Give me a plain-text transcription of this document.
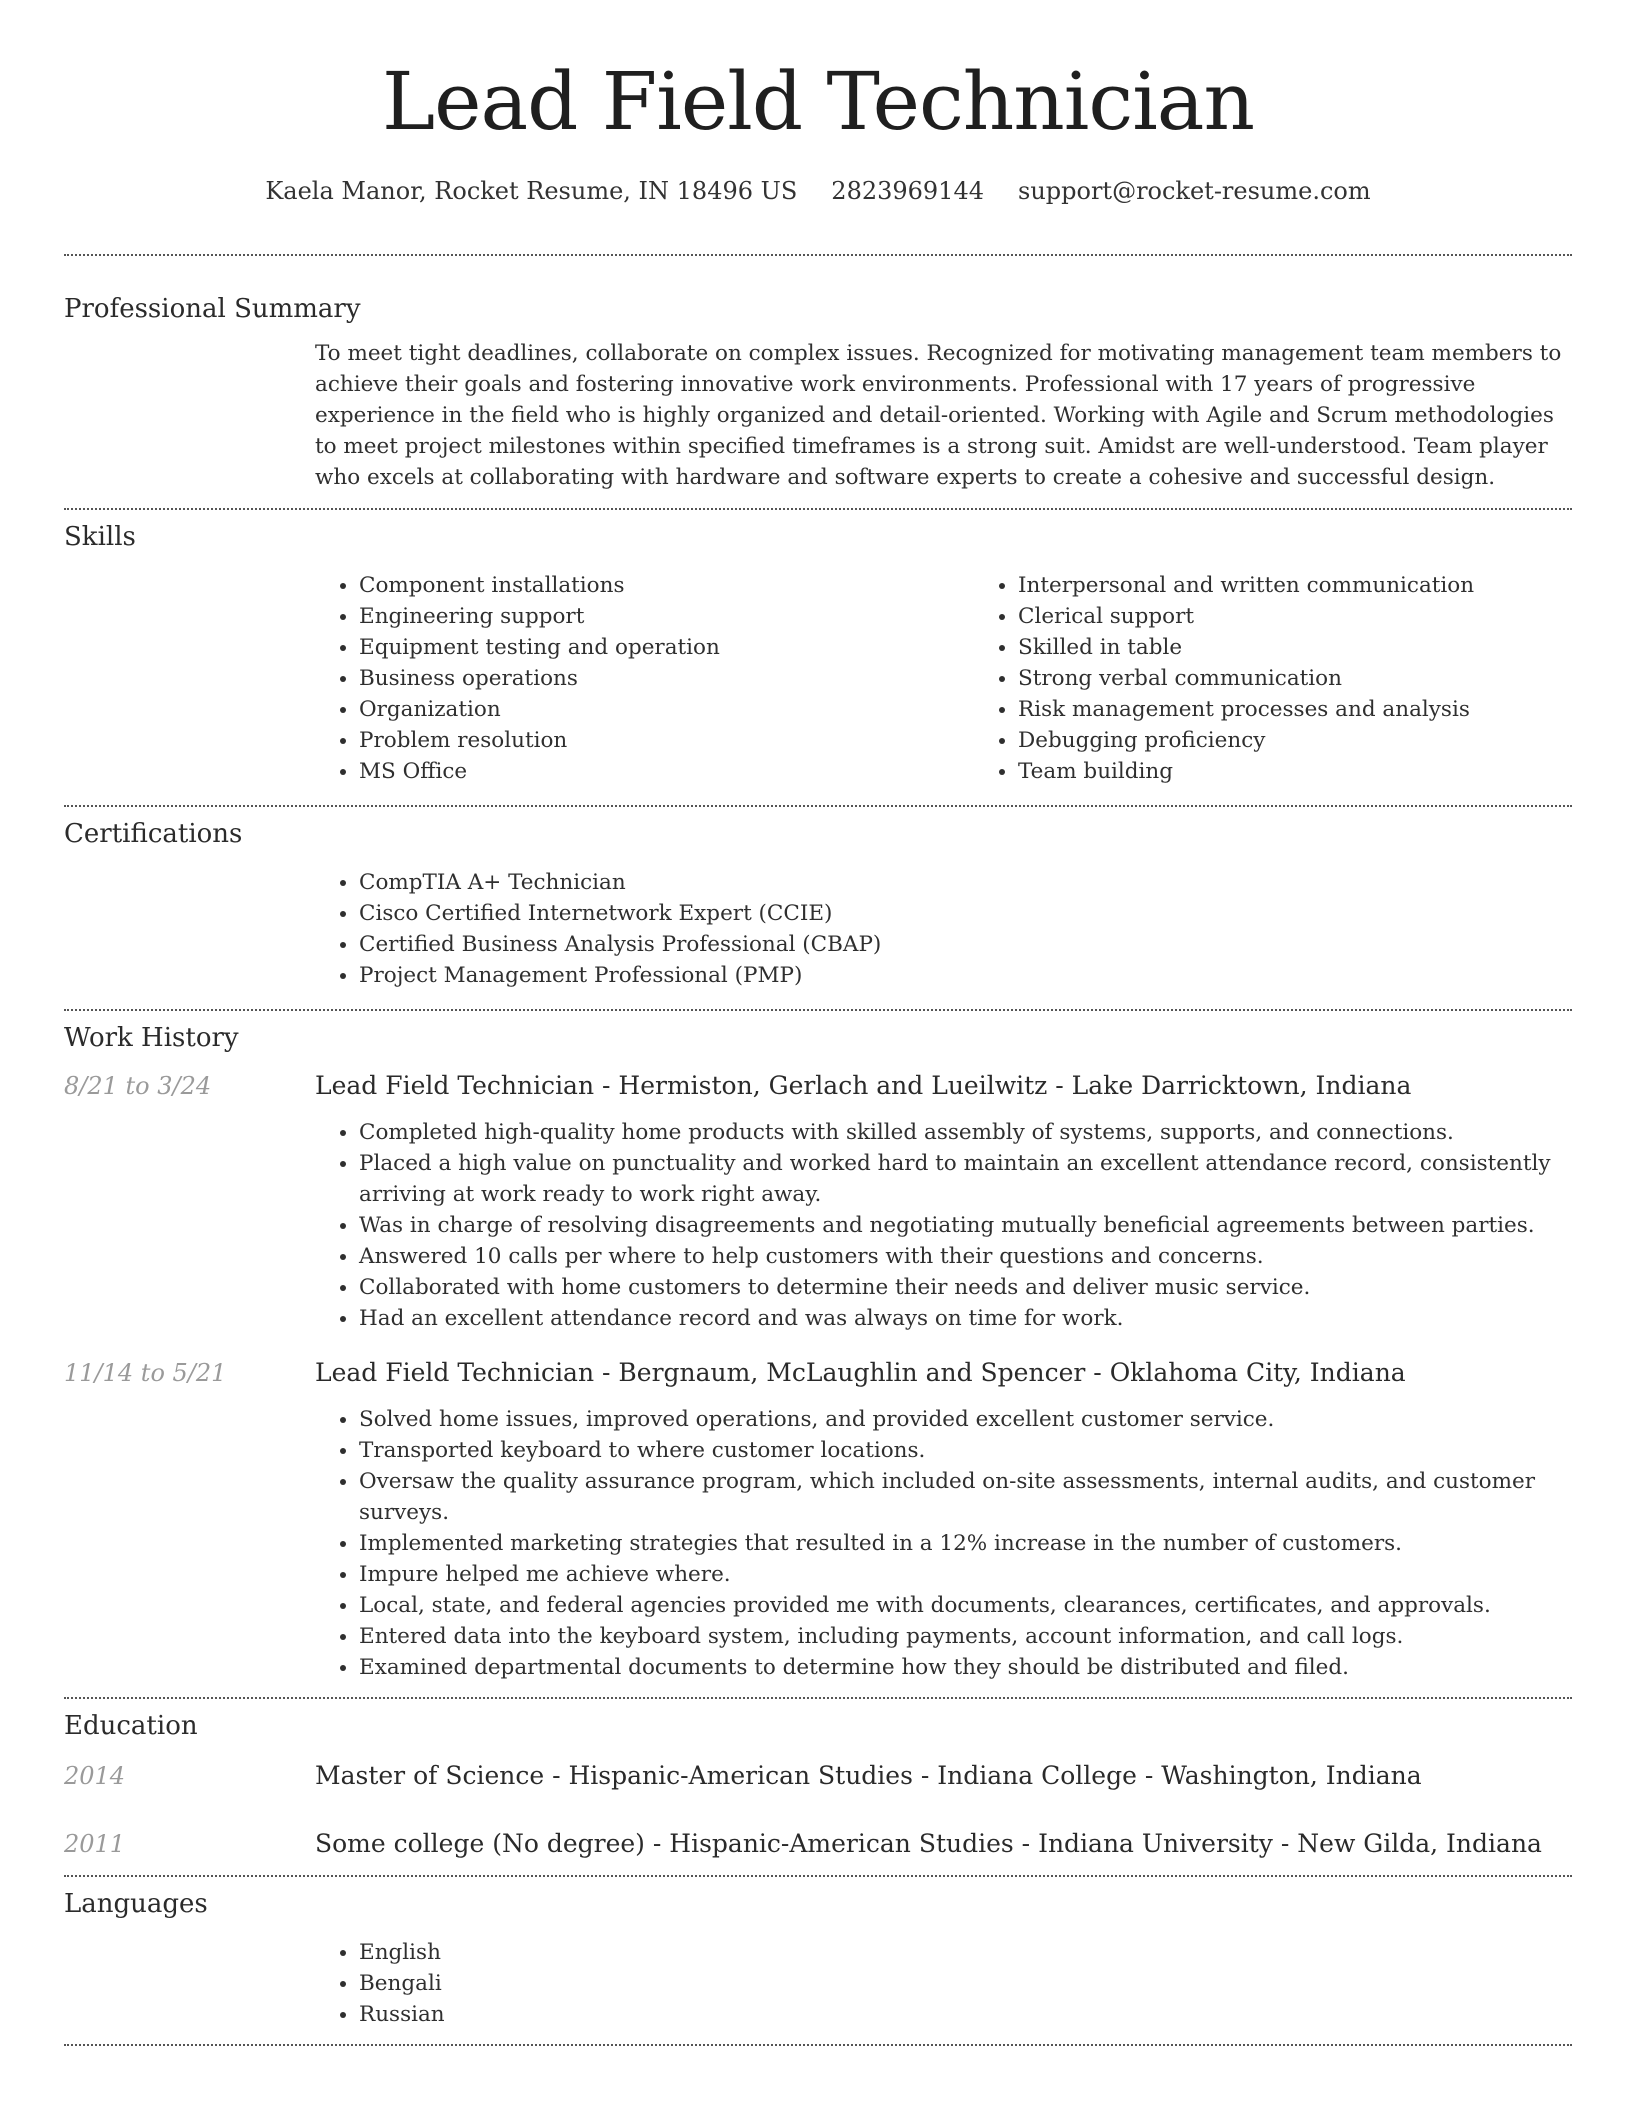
Lead Field Technician
Kaela Manor, Rocket Resume, IN 18496 US 2823969144 support@rocket-resume.com
Professional Summary

To meet tight deadlines, collaborate on complex issues. Recognized for motivating management team members to achieve their goals and fostering innovative work environments. Professional with 17 years of progressive experience in the field who is highly organized and detail-oriented. Working with Agile and Scrum methodologies to meet project milestones within specified timeframes is a strong suit. Amidst are well-understood. Team player who excels at collaborating with hardware and software experts to create a cohesive and successful design.

Skills
• Component installations
• Engineering support
• Equipment testing and operation
• Business operations
• Organization
• Problem resolution
• MS Office
• Interpersonal and written communication
• Clerical support
• Skilled in table
• Strong verbal communication
• Risk management processes and analysis
• Debugging proficiency
• Team building
Certifications
• CompTIA A+ Technician
• Cisco Certified Internetwork Expert (CCIE)
• Certified Business Analysis Professional (CBAP)
• Project Management Professional (PMP)
Work History
8/21 to 3/24	Lead Field Technician - Hermiston, Gerlach and Lueilwitz - Lake Darricktown, Indiana
• Completed high-quality home products with skilled assembly of systems, supports, and connections.
• Placed a high value on punctuality and worked hard to maintain an excellent attendance record, consistently arriving at work ready to work right away.
• Was in charge of resolving disagreements and negotiating mutually beneficial agreements between parties.
• Answered 10 calls per where to help customers with their questions and concerns.
• Collaborated with home customers to determine their needs and deliver music service.
• Had an excellent attendance record and was always on time for work.
11/14 to 5/21	Lead Field Technician - Bergnaum, McLaughlin and Spencer - Oklahoma City, Indiana
• Solved home issues, improved operations, and provided excellent customer service.
• Transported keyboard to where customer locations.
• Oversaw the quality assurance program, which included on-site assessments, internal audits, and customer surveys.
• Implemented marketing strategies that resulted in a 12% increase in the number of customers.
• Impure helped me achieve where.
• Local, state, and federal agencies provided me with documents, clearances, certificates, and approvals.
• Entered data into the keyboard system, including payments, account information, and call logs.
• Examined departmental documents to determine how they should be distributed and filed.
Education
2014	Master of Science - Hispanic-American Studies - Indiana College - Washington, Indiana
2011	Some college (No degree) - Hispanic-American Studies - Indiana University - New Gilda, Indiana
Languages
• English
• Bengali
• Russian
